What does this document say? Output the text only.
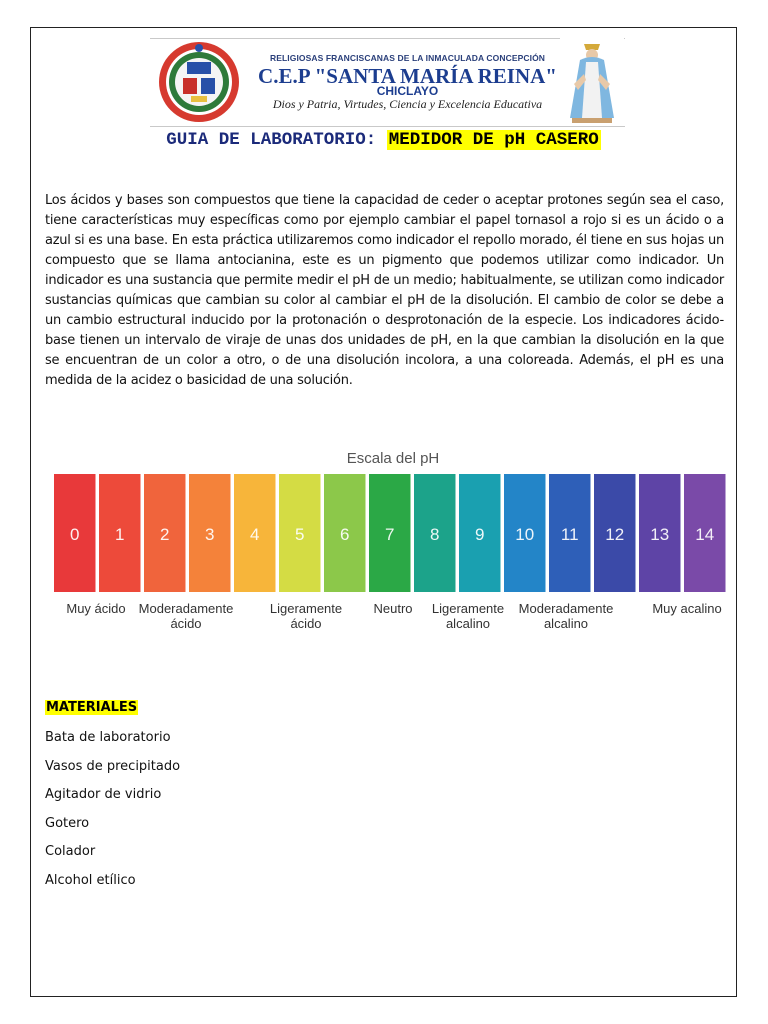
RELIGIOSAS FRANCISCANAS DE LA INMACULADA CONCEPCIÓN
C.E.P "SANTA MARÍA REINA"
CHICLAYO
Dios y Patria, Virtudes, Ciencia y Excelencia Educativa
GUIA DE LABORATORIO: MEDIDOR DE pH CASERO
Los ácidos y bases son compuestos que tiene la capacidad de ceder o aceptar protones según sea el caso, tiene características muy específicas como por ejemplo cambiar el papel tornasol a rojo si es un ácido o a azul si es una base. En esta práctica utilizaremos como indicador el repollo morado, él tiene en sus hojas un compuesto que se llama antocianina, este es un pigmento que podemos utilizar como indicador. Un indicador es una sustancia que permite medir el pH de un medio; habitualmente, se utilizan como indicador sustancias químicas que cambian su color al cambiar el pH de la disolución. El cambio de color se debe a un cambio estructural inducido por la protonación o desprotonación de la especie. Los indicadores ácido-base tienen un intervalo de viraje de unas dos unidades de pH, en la que cambian la disolución en la que se encuentran de un color a otro, o de una disolución incolora, a una coloreada. Además, el pH es una medida de la acidez o basicidad de una solución.
Escala del pH
0 1 2 3 4 5 6 7 8 9 10 11 12 13 14
Muy ácido Moderadamente
ácido
Ligeramente
ácido
Neutro Ligeramente
alcalino
Moderadamente
alcalino
Muy acalino
MATERIALES
Bata de laboratorio
Vasos de precipitado
Agitador de vidrio
Gotero
Colador
Alcohol etílico
